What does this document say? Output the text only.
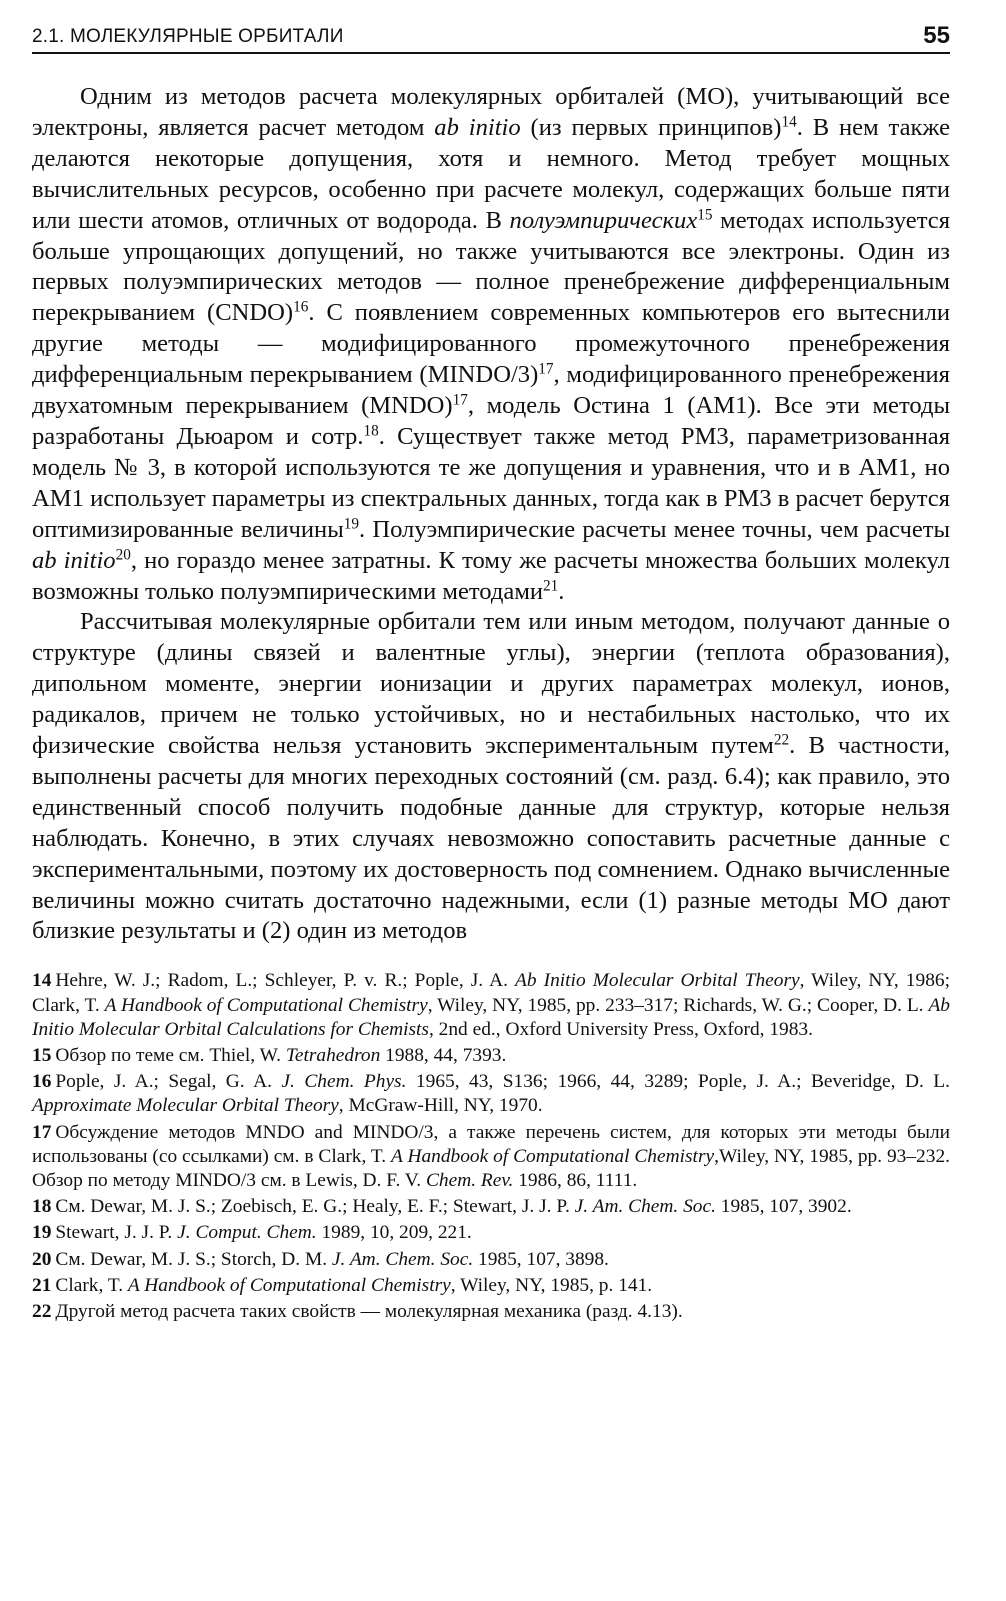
2.1. МОЛЕКУЛЯРНЫЕ ОРБИТАЛИ	55

Одним из методов расчета молекулярных орбиталей (МО), учитывающий все электроны, является расчет методом ab initio (из первых принципов)$^{14}$. В нем также делаются некоторые допущения, хотя и немного. Метод требует мощных вычислительных ресурсов, особенно при расчете молекул, содержащих больше пяти или шести атомов, отличных от водорода. В полуэмпирических$^{15}$ методах используется больше упрощающих допущений, но также учитываются все электроны. Один из первых полуэмпирических методов — полное пренебрежение дифференциальным перекрыванием (CNDO)$^{16}$. С появлением современных компьютеров его вытеснили другие методы — модифицированного промежуточного пренебрежения дифференциальным перекрыванием (MINDO/3)$^{17}$, модифицированного пренебрежения двухатомным перекрыванием (MNDO)$^{17}$, модель Остина 1 (AM1). Все эти методы разработаны Дьюаром и сотр.$^{18}$. Существует также метод PM3, параметризованная модель № 3, в которой используются те же допущения и уравнения, что и в AM1, но AM1 использует параметры из спектральных данных, тогда как в PM3 в расчет берутся оптимизированные величины$^{19}$. Полуэмпирические расчеты менее точны, чем расчеты ab initio$^{20}$, но гораздо менее затратны. К тому же расчеты множества больших молекул возможны только полуэмпирическими методами$^{21}$.

Рассчитывая молекулярные орбитали тем или иным методом, получают данные о структуре (длины связей и валентные углы), энергии (теплота образования), дипольном моменте, энергии ионизации и других параметрах молекул, ионов, радикалов, причем не только устойчивых, но и нестабильных настолько, что их физические свойства нельзя установить экспериментальным путем$^{22}$. В частности, выполнены расчеты для многих переходных состояний (см. разд. 6.4); как правило, это единственный способ получить подобные данные для структур, которые нельзя наблюдать. Конечно, в этих случаях невозможно сопоставить расчетные данные с экспериментальными, поэтому их достоверность под сомнением. Однако вычисленные величины можно считать достаточно надежными, если (1) разные методы МО дают близкие результаты и (2) один из методов

14 Hehre, W. J.; Radom, L.; Schleyer, P. v. R.; Pople, J. A. Ab Initio Molecular Orbital Theory, Wiley, NY, 1986; Clark, T. A Handbook of Computational Chemistry, Wiley, NY, 1985, pp. 233–317; Richards, W. G.; Cooper, D. L. Ab Initio Molecular Orbital Calculations for Chemists, 2nd ed., Oxford University Press, Oxford, 1983.

15 Обзор по теме см. Thiel, W. Tetrahedron 1988, 44, 7393.

16 Pople, J. A.; Segal, G. A. J. Chem. Phys. 1965, 43, S136; 1966, 44, 3289; Pople, J. A.; Beveridge, D. L. Approximate Molecular Orbital Theory, McGraw-Hill, NY, 1970.

17 Обсуждение методов MNDO and MINDO/3, а также перечень систем, для которых эти методы были использованы (со ссылками) см. в Clark, T. A Handbook of Computational Chemistry,Wiley, NY, 1985, pp. 93–232. Обзор по методу MINDO/3 см. в Lewis, D. F. V. Chem. Rev. 1986, 86, 1111.

18 См. Dewar, M. J. S.; Zoebisch, E. G.; Healy, E. F.; Stewart, J. J. P. J. Am. Chem. Soc. 1985, 107, 3902.

19 Stewart, J. J. P. J. Comput. Chem. 1989, 10, 209, 221.

20 См. Dewar, M. J. S.; Storch, D. M. J. Am. Chem. Soc. 1985, 107, 3898.

21 Clark, T. A Handbook of Computational Chemistry, Wiley, NY, 1985, p. 141.

22 Другой метод расчета таких свойств — молекулярная механика (разд. 4.13).
